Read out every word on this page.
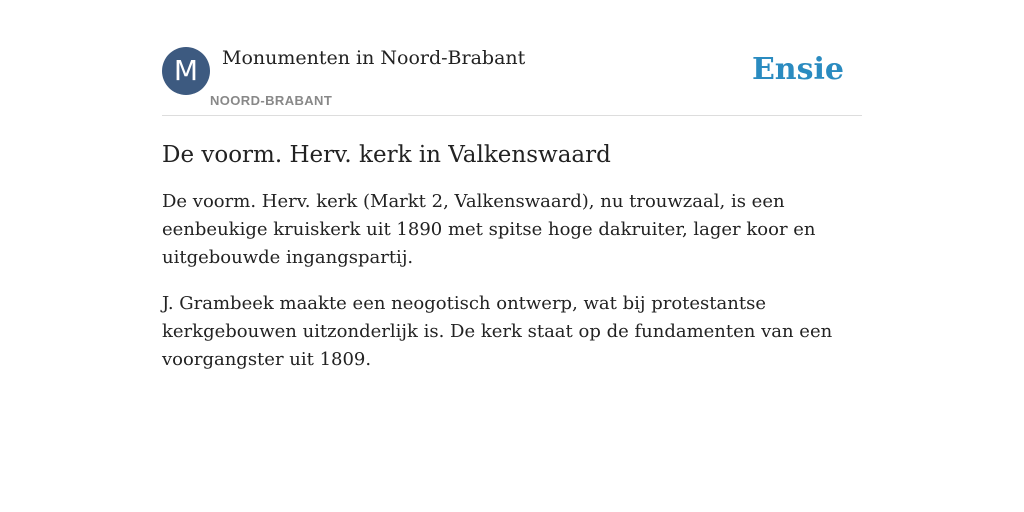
M	Monumenten in Noord-Brabant
NOORD-BRABANT
Ensie
De voorm. Herv. kerk in Valkenswaard

De voorm. Herv. kerk (Markt 2, Valkenswaard), nu trouwzaal, is een eenbeukige kruiskerk uit 1890 met spitse hoge dakruiter, lager koor en uitgebouwde ingangspartij.

J. Grambeek maakte een neogotisch ontwerp, wat bij protestantse kerkgebouwen uitzonderlijk is. De kerk staat op de fundamenten van een voorgangster uit 1809.
